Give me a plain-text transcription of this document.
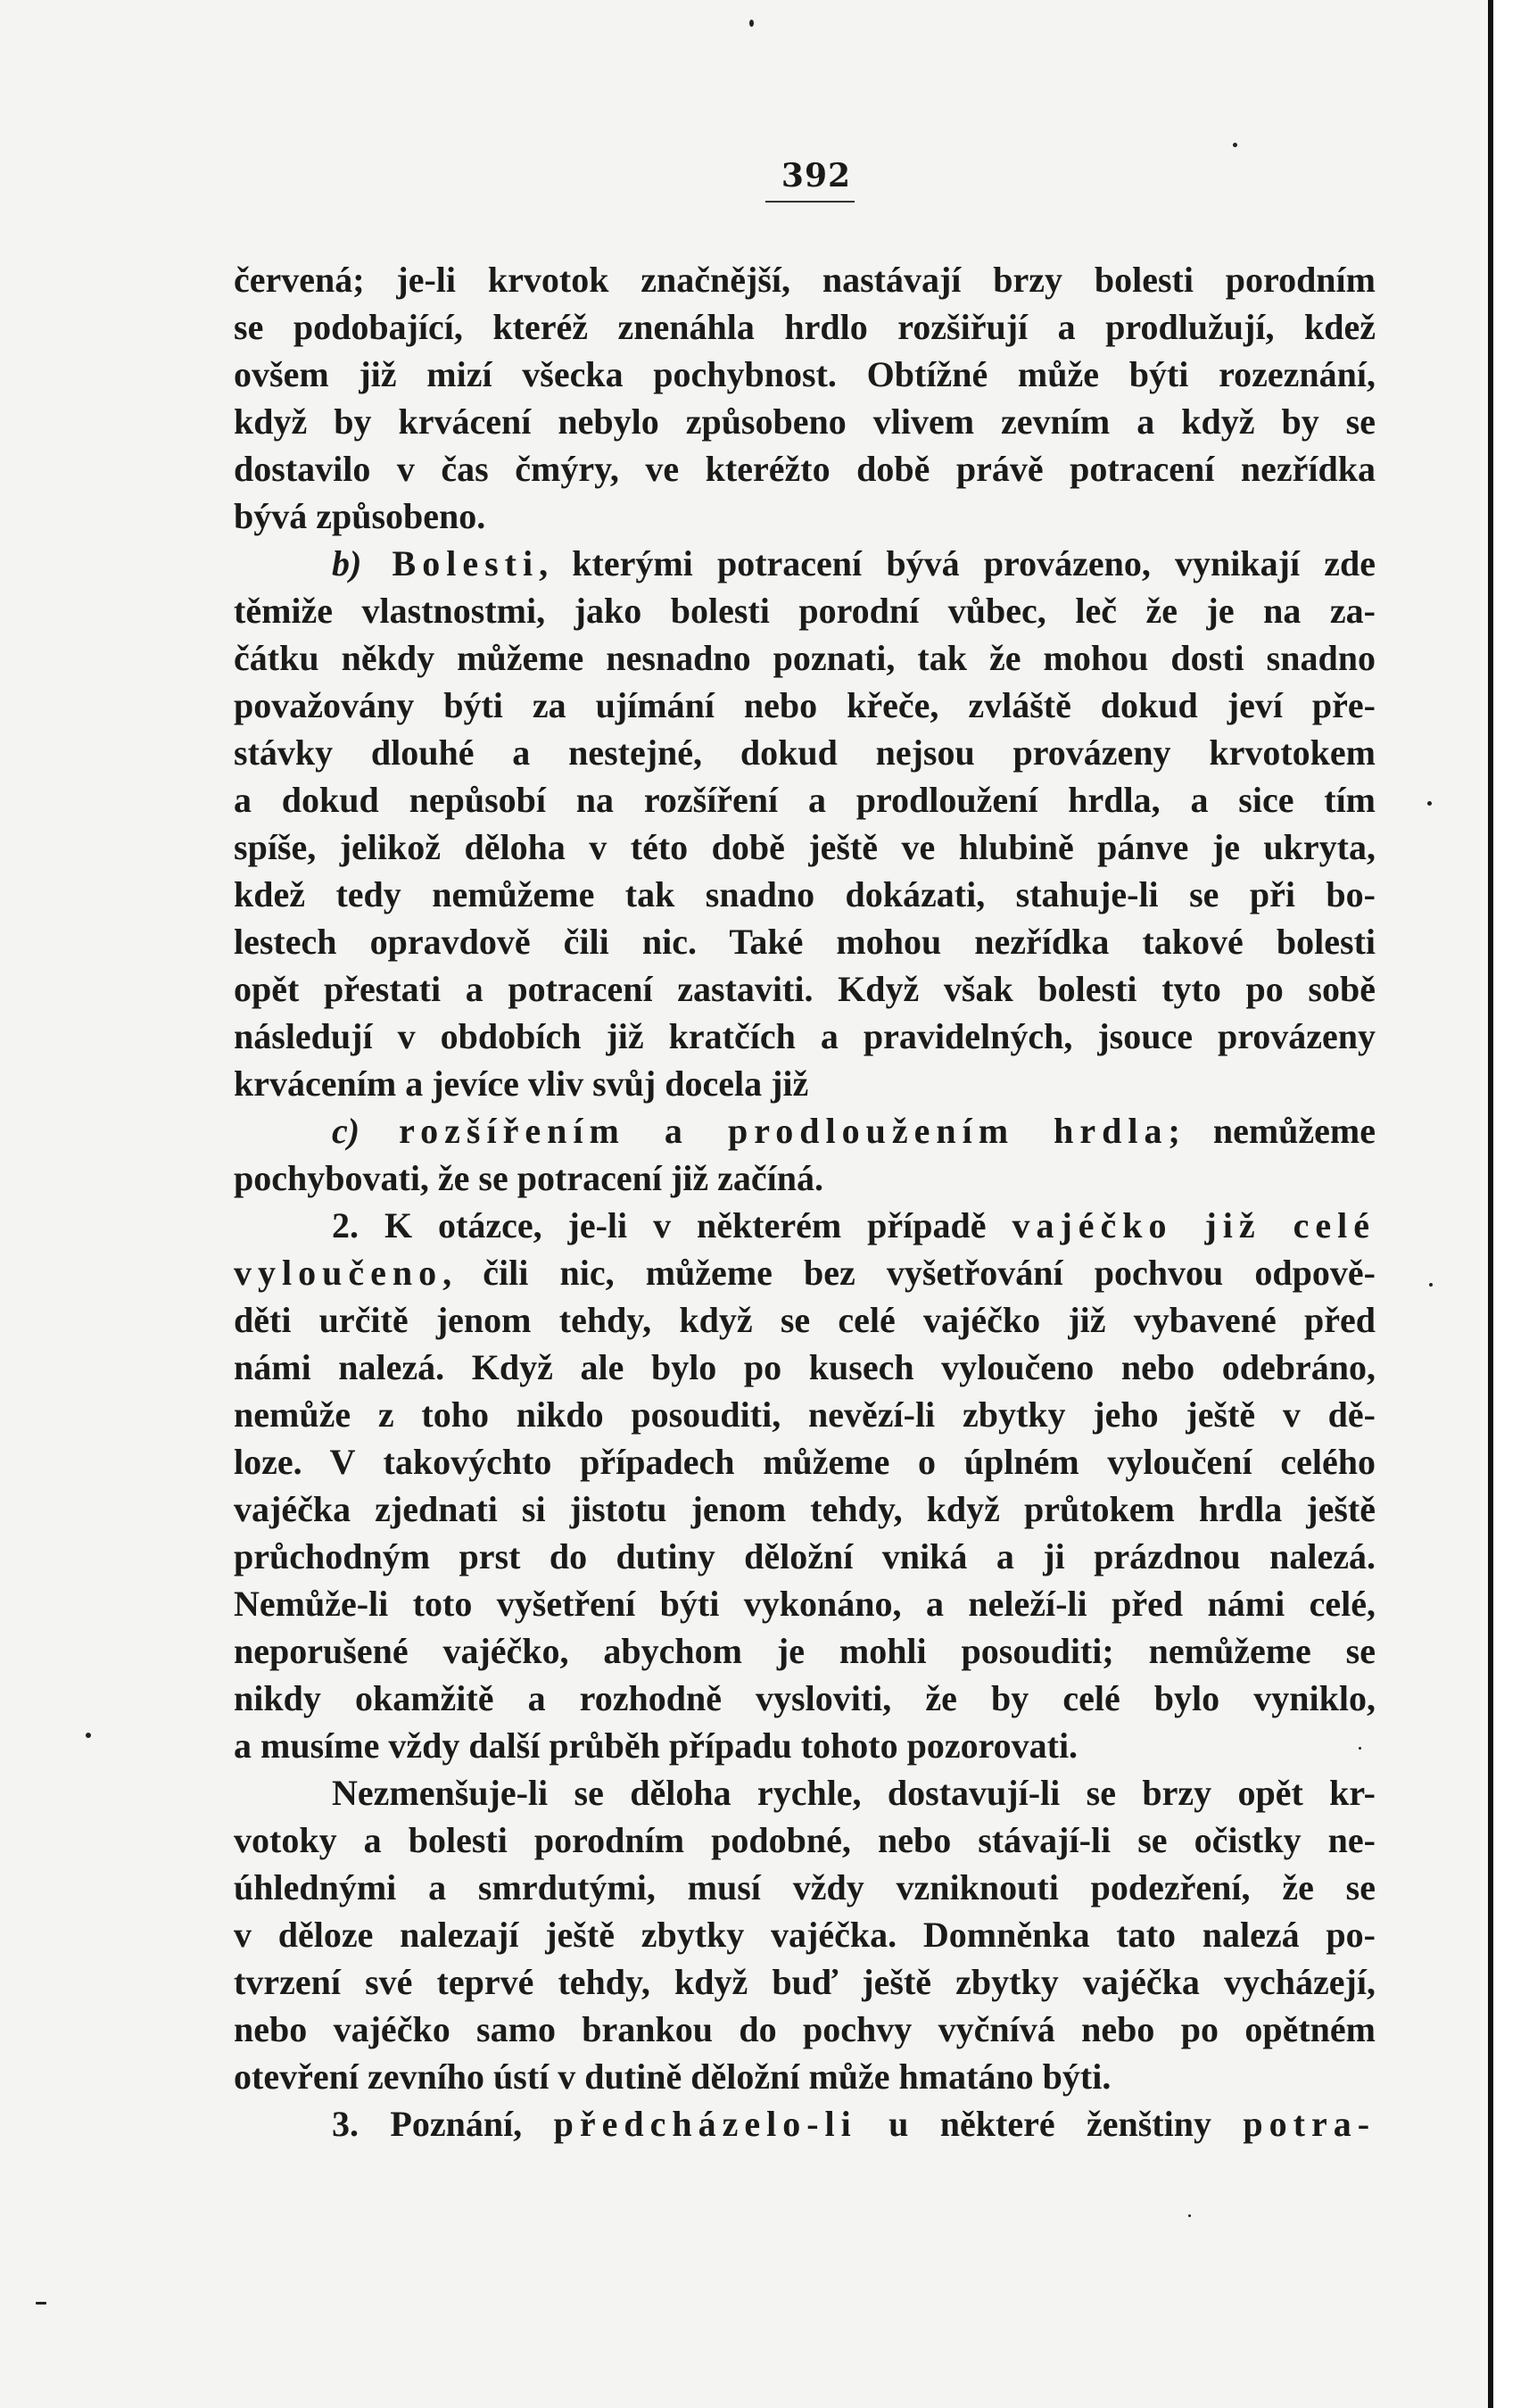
392
červená; je-li krvotok značnější, nastávají brzy bolesti porodním
se podobající, kteréž znenáhla hrdlo rozšiřují a prodlužují, kdež
ovšem již mizí všecka pochybnost. Obtížné může býti rozeznání,
když by krvácení nebylo způsobeno vlivem zevním a když by se
dostavilo v čas čmýry, ve kteréžto době právě potracení nezřídka
bývá způsobeno.
b) Bolesti, kterými potracení bývá provázeno, vynikají zde
těmiže vlastnostmi, jako bolesti porodní vůbec, leč že je na za-
čátku někdy můžeme nesnadno poznati, tak že mohou dosti snadno
považovány býti za ujímání nebo křeče, zvláště dokud jeví pře-
stávky dlouhé a nestejné, dokud nejsou provázeny krvotokem
a dokud nepůsobí na rozšíření a prodloužení hrdla, a sice tím
spíše, jelikož děloha v této době ještě ve hlubině pánve je ukryta,
kdež tedy nemůžeme tak snadno dokázati, stahuje-li se při bo-
lestech opravdově čili nic. Také mohou nezřídka takové bolesti
opět přestati a potracení zastaviti. Když však bolesti tyto po sobě
následují v obdobích již kratčích a pravidelných, jsouce provázeny
krvácením a jevíce vliv svůj docela již
c) rozšířením a prodloužením hrdla; nemůžeme
pochybovati, že se potracení již začíná.
2. K otázce, je-li v některém případě vajéčko již celé
vyloučeno, čili nic, můžeme bez vyšetřování pochvou odpově-
děti určitě jenom tehdy, když se celé vajéčko již vybavené před
námi nalezá. Když ale bylo po kusech vyloučeno nebo odebráno,
nemůže z toho nikdo posouditi, nevězí-li zbytky jeho ještě v dě-
loze. V takovýchto případech můžeme o úplném vyloučení celého
vajéčka zjednati si jistotu jenom tehdy, když průtokem hrdla ještě
průchodným prst do dutiny děložní vniká a ji prázdnou nalezá.
Nemůže-li toto vyšetření býti vykonáno, a neleží-li před námi celé,
neporušené vajéčko, abychom je mohli posouditi; nemůžeme se
nikdy okamžitě a rozhodně vysloviti, že by celé bylo vyniklo,
a musíme vždy další průběh případu tohoto pozorovati.
Nezmenšuje-li se děloha rychle, dostavují-li se brzy opět kr-
votoky a bolesti porodním podobné, nebo stávají-li se očistky ne-
úhlednými a smrdutými, musí vždy vzniknouti podezření, že se
v děloze nalezají ještě zbytky vajéčka. Domněnka tato nalezá po-
tvrzení své teprvé tehdy, když buď ještě zbytky vajéčka vycházejí,
nebo vajéčko samo brankou do pochvy vyčnívá nebo po opětném
otevření zevního ústí v dutině děložní může hmatáno býti.
3. Poznání, předcházelo-li u některé ženštiny potra-
